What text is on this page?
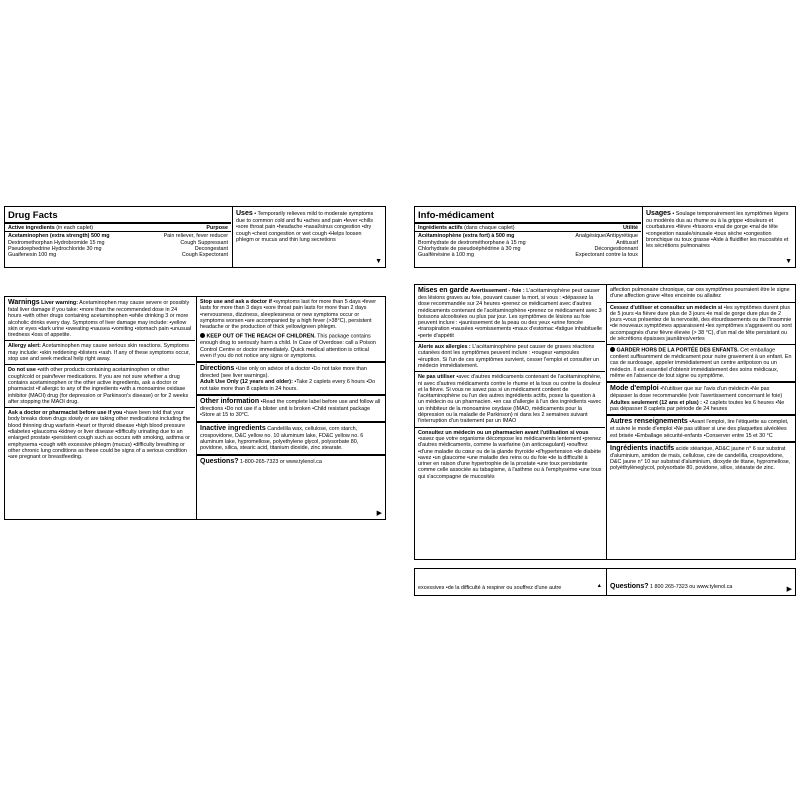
Drug Facts
Active ingredients (in each caplet)	Purpose
Acetaminophen (extra strength) 500 mg	Pain reliever, fever reducer
Dextromethorphan Hydrobromide 15 mg	Cough Suppressant
Pseudoephedrine Hydrochloride 30 mg	Decongestant
Guaifenesin 100 mg	Cough Expectorant
Uses • Temporarily relieves mild to moderate symptoms due to common cold and flu •aches and pain •fever •chills •sore throat pain •headache •nasal/sinus congestion •dry cough •chest congestion or wet cough •Helps loosen phlegm or mucus and thin lung secretions
▼
Warnings Liver warning: Acetaminophen may cause severe or possibly fatal liver damage if you take: •more than the recommended dose in 24 hours •with other drugs containing acetaminophen •while drinking 3 or more alcoholic drinks every day. Symptoms of liver damage may include: •yellow skin or eyes •dark urine •sweating •nausea •vomiting •stomach pain •unusual tiredness •loss of appetite.
Allergy alert: Acetaminophen may cause serious skin reactions. Symptoms may include: •skin reddening •blisters •rash. If any of these symptoms occur, stop use and seek medical help right away.
Do not use •with other products containing acetaminophen or other cough/cold or pain/fever medications. If you are not sure whether a drug contains acetaminophen or the other active ingredients, ask a doctor or pharmacist •if allergic to any of the ingredients •with a monoamine oxidase inhibitor (MAOI) drug (for depression or Parkinson's disease) or for 2 weeks after stopping the MAOI drug.
Ask a doctor or pharmacist before use if you •have been told that your body breaks down drugs slowly or are taking other medications including the blood thinning drug warfarin •heart or thyroid disease •high blood pressure •diabetes •glaucoma •kidney or liver disease •difficulty urinating due to an enlarged prostate •persistent cough such as occurs with smoking, asthma or emphysema •cough with excessive phlegm (mucus) •difficulty breathing or other chronic lung conditions as these could be signs of a serious condition •are pregnant or breastfeeding.
Stop use and ask a doctor if •symptoms last for more than 5 days •fever lasts for more than 3 days •sore throat pain lasts for more than 2 days •nervousness, dizziness, sleeplessness or new symptoms occur or symptoms worsen •are accompanied by a high fever (>38°C), persistent headache or the production of thick yellow/green phlegm.
KEEP OUT OF THE REACH OF CHILDREN. This package contains enough drug to seriously harm a child. In Case of Overdose: call a Poison Control Centre or doctor immediately. Quick medical attention is critical even if you do not notice any signs or symptoms.
Directions •Use only on advice of a doctor •Do not take more than directed (see liver warnings).
Adult Use Only (12 years and older): •Take 2 caplets every 6 hours •Do not take more than 8 caplets in 24 hours.
Other information •Read the complete label before use and follow all directions •Do not use if a blister unit is broken •Child resistant package •Store at 15 to 30°C.
Inactive ingredients Candelilla wax, cellulose, corn starch, crospovidone, D&C yellow no. 10 aluminum lake, FD&C yellow no. 6 aluminum lake, hypromellose, polyethylene glycol, polysorbate 80, povidone, silica, stearic acid, titanium dioxide, zinc stearate.
Questions? 1-800-265-7323 or www.tylenol.ca
▶
Info-médicament
Ingrédients actifs (dans chaque caplet)	Utilité
Acétaminophène (extra fort) à 500 mg	Analgésique/Antipyrétique
Bromhydrate de dextrométhorphane à 15 mg	Antitussif
Chlorhydrate de pseudoéphédrine à 30 mg	Décongestionnant
Guaïfénésine à 100 mg	Expectorant contre la toux
Usages • Soulage temporairement les symptômes légers ou modérés dus au rhume ou à la grippe •douleurs et courbatures •fièvre •frissons •mal de gorge •mal de tête •congestion nasale/sinusale •toux sèche •congestion bronchique ou toux grasse •Aide à fluidifier les mucosités et les sécrétions pulmonaires
▼
Mises en garde Avertissement - foie : L'acétaminophène peut causer des lésions graves au foie, pouvant causer la mort, si vous : •dépassez la dose recommandée sur 24 heures •prenez ce médicament avec d'autres médicaments contenant de l'acétaminophène •prenez ce médicament avec 3 boissons alcoolisées ou plus par jour. Les symptômes de lésions au foie peuvent inclure : •jaunissement de la peau ou des yeux •urine foncée •transpiration •nausées •vomissements •maux d'estomac •fatigue inhabituelle •perte d'appétit
Alerte aux allergies : L'acétaminophène peut causer de graves réactions cutanées dont les symptômes peuvent inclure : •rougeur •ampoules •éruption. Si l'un de ces symptômes survient, cesser l'emploi et consulter un médecin immédiatement.
Ne pas utiliser •avec d'autres médicaments contenant de l'acétaminophène, ni avec d'autres médicaments contre le rhume et la toux ou contre la douleur et la fièvre. Si vous ne savez pas si un médicament contient de l'acétaminophène ou l'un des autres ingrédients actifs, posez la question à un médecin ou un pharmacien. •en cas d'allergie à l'un des ingrédients •avec un inhibiteur de la monoamine oxydase (IMAO, médicaments pour la dépression ou la maladie de Parkinson) ni dans les 2 semaines suivant l'interruption d'un traitement par un IMAO
Consultez un médecin ou un pharmacien avant l'utilisation si vous •savez que votre organisme décompose les médicaments lentement •prenez d'autres médicaments, comme la warfarine (un anticoagulant) •souffrez •d'une maladie du cœur ou de la glande thyroïde •d'hypertension •de diabète •avez •un glaucome •une maladie des reins ou du foie •de la difficulté à uriner en raison d'une hypertrophie de la prostate •une toux persistante comme celle associée au tabagisme, à l'asthme ou à l'emphysème •une toux qui s'accompagne de mucosités
affection pulmonaire chronique, car ces symptômes pourraient être le signe d'une affection grave •êtes enceinte ou allaitez
Cessez d'utiliser et consultez un médecin si •les symptômes durent plus de 5 jours •la fièvre dure plus de 3 jours •le mal de gorge dure plus de 2 jours •vous présentez de la nervosité, des étourdissements ou de l'insomnie •de nouveaux symptômes apparaissent •les symptômes s'aggravent ou sont accompagnés d'une fièvre élevée (> 38 °C), d'un mal de tête persistant ou de sécrétions épaisses jaunâtres/vertes
GARDER HORS DE LA PORTÉE DES ENFANTS. Cet emballage contient suffisamment de médicament pour nuire gravement à un enfant. En cas de surdosage, appeler immédiatement un centre antipoison ou un médecin. Il est essentiel d'obtenir immédiatement des soins médicaux, même en l'absence de tout signe ou symptôme.
Mode d'emploi •N'utiliser que sur l'avis d'un médecin •Ne pas dépasser la dose recommandée (voir l'avertissement concernant le foie)
Adultes seulement (12 ans et plus) : •2 caplets toutes les 6 heures •Ne pas dépasser 8 caplets par période de 24 heures
Autres renseignements •Avant l'emploi, lire l'étiquette au complet, et suivre le mode d'emploi •Ne pas utiliser si une des plaquettes alvéolées est brisée •Emballage sécurité-enfants •Conserver entre 15 et 30 °C
Ingrédients inactifs acide stéarique, AD&C jaune n° 6 sur substrat d'aluminium, amidon de maïs, cellulose, cire de candelilla, crospovidone, D&C jaune n° 10 sur substrat d'aluminium, dioxyde de titane, hypromellose, polyéthylèneglycol, polysorbate 80, povidone, silice, stéarate de zinc.
excessives •de la difficulté à respirer ou souffrez d'une autre	▲	Questions? 1 800 265-7323 ou www.tylenol.ca	▶
